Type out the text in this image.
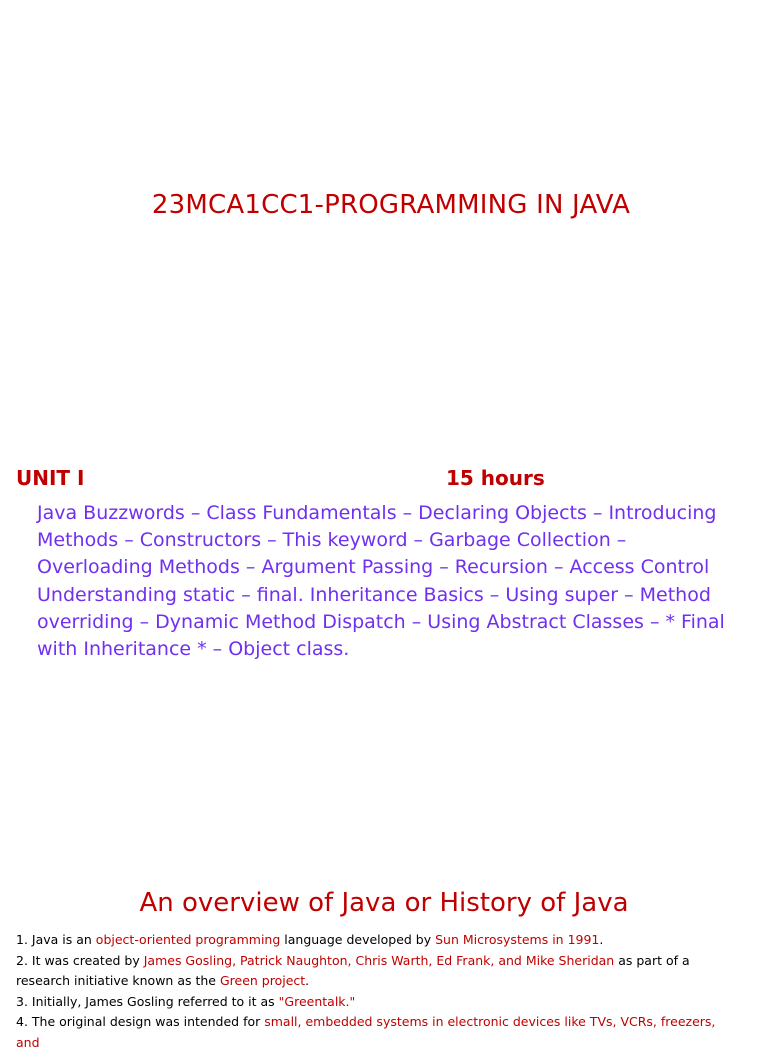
23MCA1CC1-PROGRAMMING IN JAVA
UNIT I	15 hours
Java Buzzwords – Class Fundamentals – Declaring Objects – Introducing Methods – Constructors – This keyword – Garbage Collection – Overloading Methods – Argument Passing – Recursion – Access Control Understanding static – final. Inheritance Basics – Using super – Method overriding – Dynamic Method Dispatch – Using Abstract Classes – * Final with Inheritance * – Object class.
An overview of Java or History of Java

1. Java is an object-oriented programming language developed by Sun Microsystems in 1991.

2. It was created by James Gosling, Patrick Naughton, Chris Warth, Ed Frank, and Mike Sheridan as part of a research initiative known as the Green project.

3. Initially, James Gosling referred to it as "Greentalk."

4. The original design was intended for small, embedded systems in electronic devices like TVs, VCRs, freezers, and
